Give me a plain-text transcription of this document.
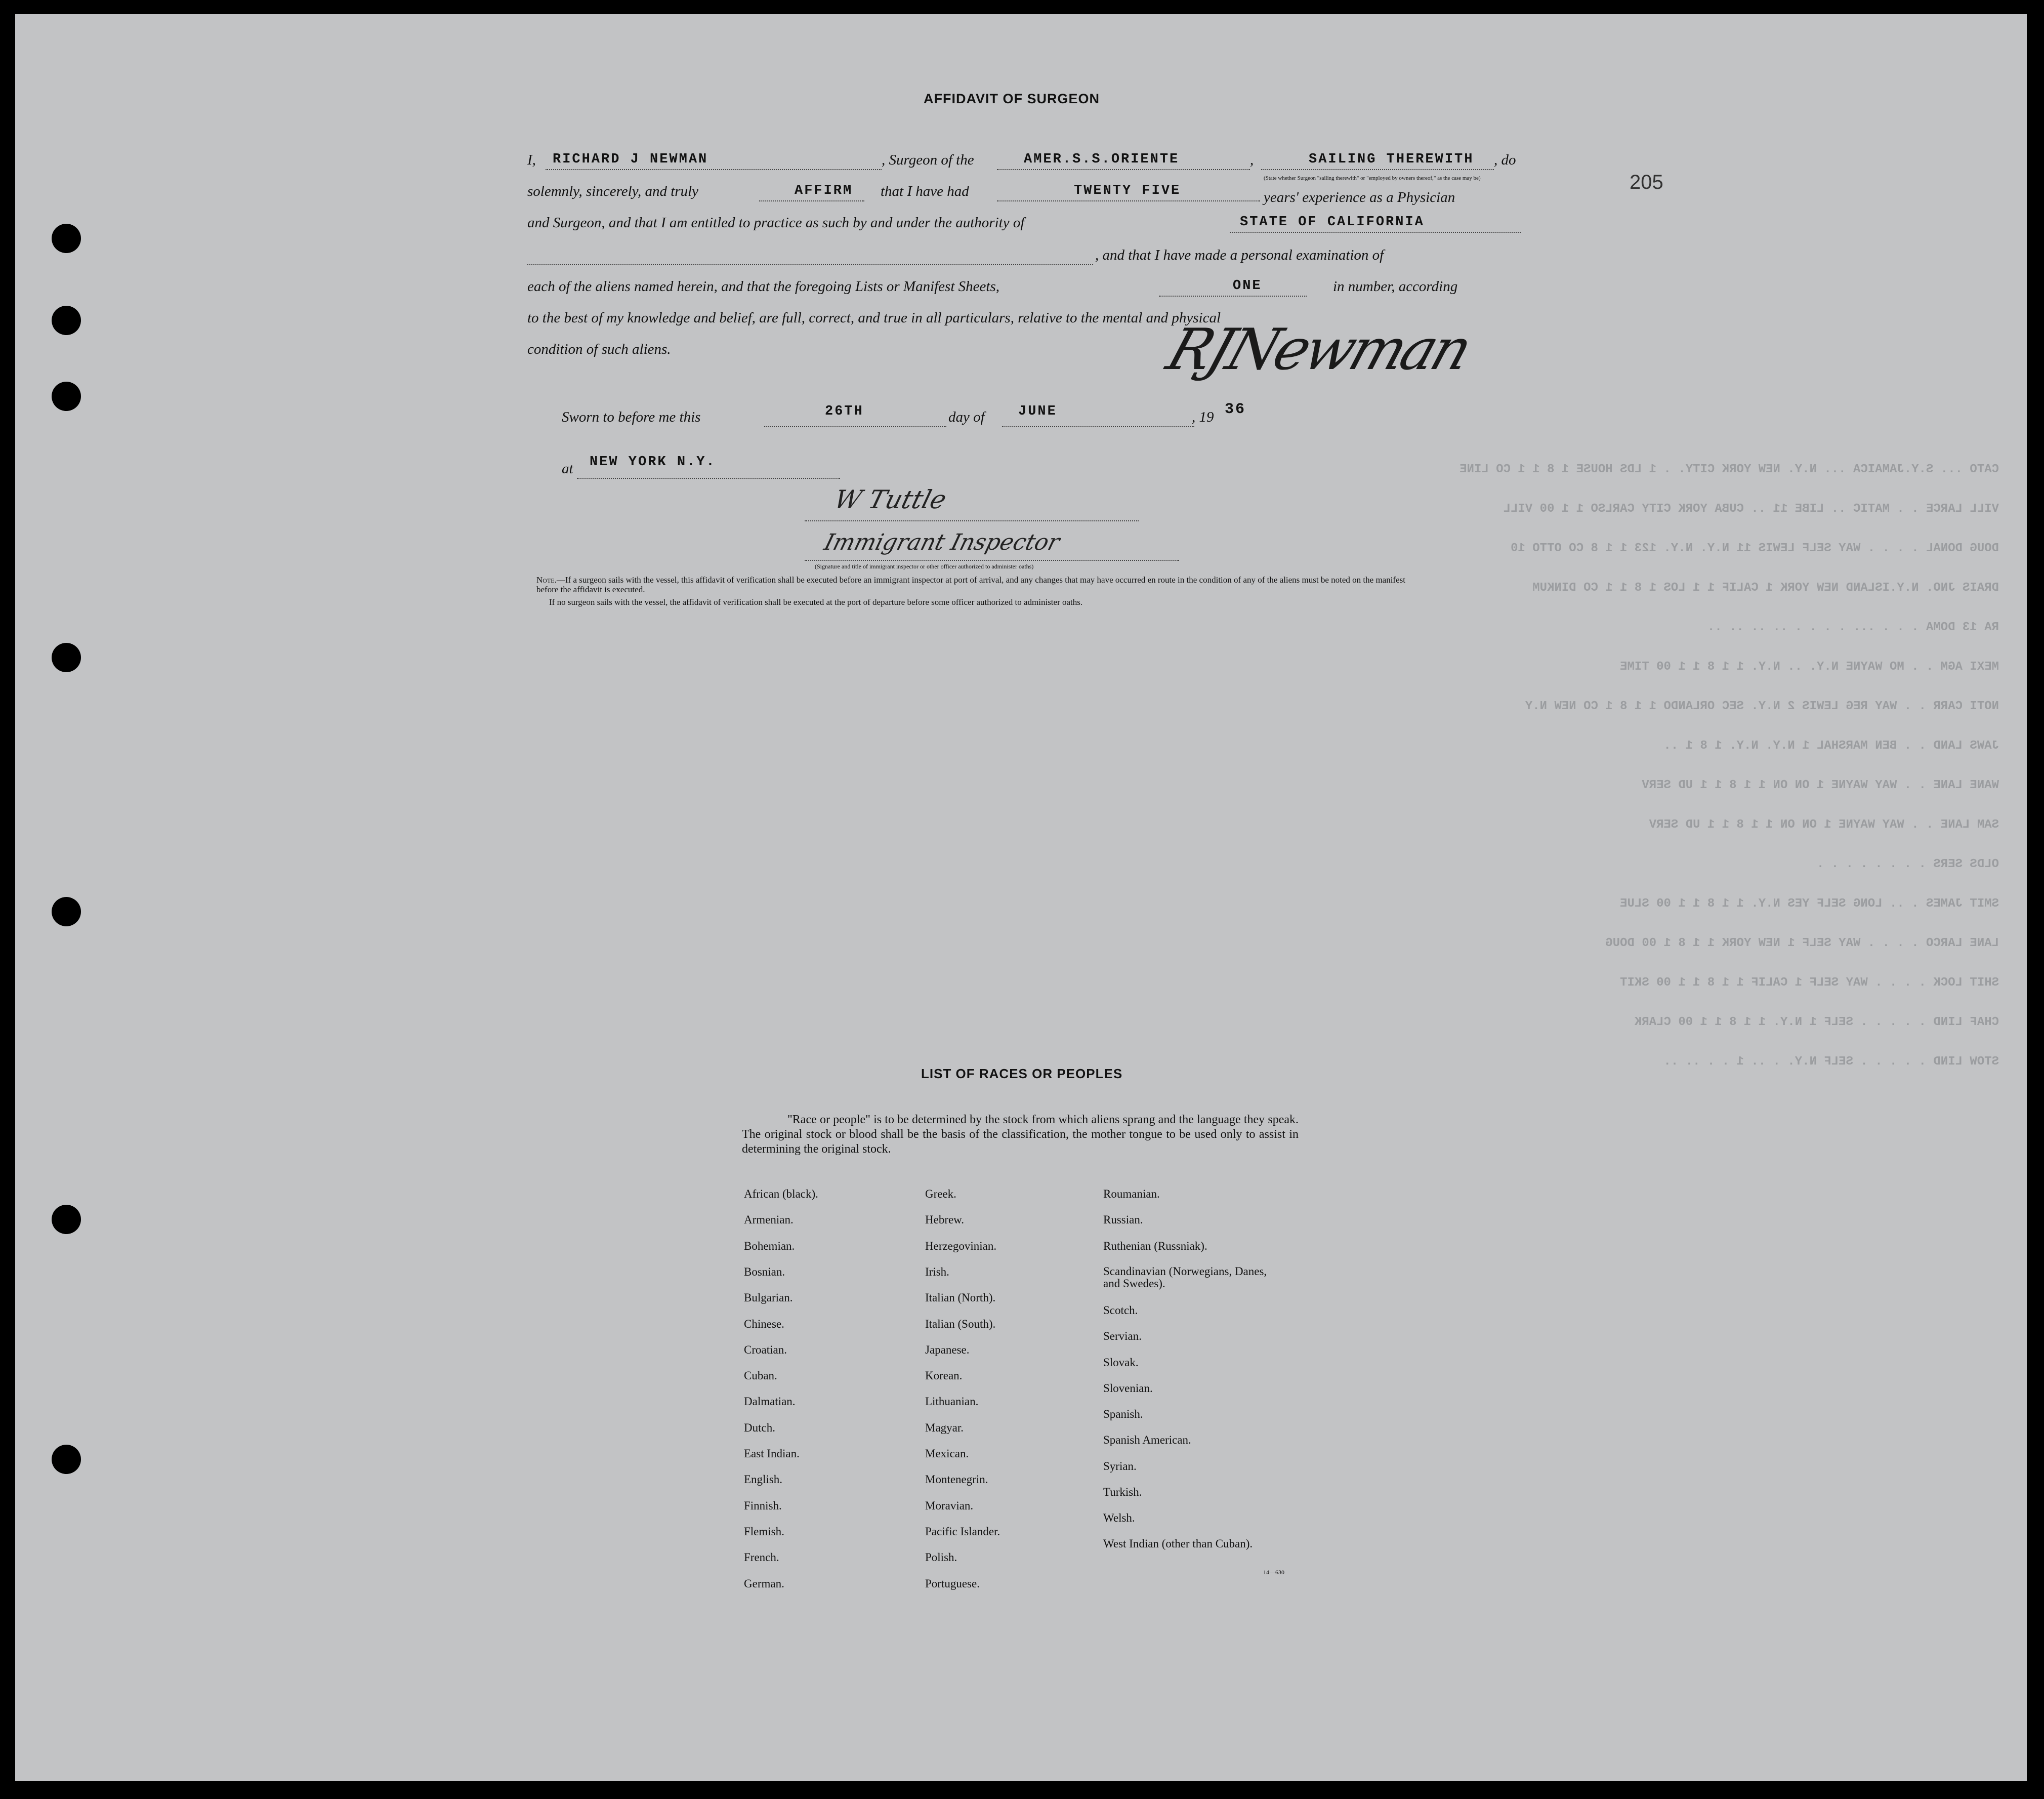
CATO ... S.Y.JAMAICA ... N.Y. NEW YORK CITY. . 1 LDS HOUSE 1 8 1 1 CO LINE
VILL LARCE . . MATIC .. LIBE 11 .. CUBA YORK CITY CARLSO 1 1 00 VILL
DOUG DONAL . . . . WAY SELF LEWIS 11 N.Y. N.Y. 123 1 1 8 CO OTTO 10
DRAIS JNO. N.Y.ISLAND NEW YORK 1 CALIF 1 1 LOS 1 8 1 1 CO DINKUM
RA 13 DOMA . . . ... . . . . .. .. .. ..
MEXI AGM . . MO WAYNE N.Y. .. N.Y. 1 1 8 1 1 00 TIME
NOTI CARR . . WAY REG LEWIS 2 N.Y. SEC ORLANDO 1 1 8 1 CO NEW N.Y
JAWS LAND . . BEN MARSHAL 1 N.Y. N.Y. 1 8 1 ..
WANE LANE . . WAY WAYNE 1 ON ON 1 1 8 1 1 UD SERV
SAM LANE . . WAY WAYNE 1 ON ON 1 1 8 1 1 UD SERV
OLDS SERS . . . . . . . .
SMIT JAMES . .. LONG SELF YES N.Y. 1 1 8 1 1 00 SLUE
LANE LARCO . . . . WAY SELF 1 NEW YORK 1 1 8 1 00 DOUG
SHIT LOCK . . . . WAY SELF 1 CALIF 1 1 8 1 1 00 SKIT
CHAF LIND . . . . . SELF 1 N.Y. 1 1 8 1 1 00 CLARK
STOW LIND . . . . . SELF N.Y. . .. 1 . . .. ..
AFFIDAVIT OF SURGEON
205
I, RICHARD J NEWMAN	, Surgeon of the	AMER.S.S.ORIENTE	,	SAILING THEREWITH , do
solemnly, sincerely, and truly	AFFIRM that I have had	TWENTY FIVE
(State whether Surgeon "sailing therewith" or "employed by owners thereof," as the case may be)
years' experience as a Physician
and Surgeon, and that I am entitled to practice as such by and under the authority of	STATE OF CALIFORNIA
, and that I have made a personal examination of
each of the aliens named herein, and that the foregoing Lists or Manifest Sheets,	ONE	in number, according
to the best of my knowledge and belief, are full, correct, and true in all particulars, relative to the mental and physical
condition of such aliens.	RJNewman
Sworn to before me this	26TH	day of JUNE	, 19 36
at NEW YORK N.Y.
W Tuttle
Immigrant Inspector
(Signature and title of immigrant inspector or other officer authorized to administer oaths)
Note.—If a surgeon sails with the vessel, this affidavit of verification shall be executed before an immigrant inspector at port of arrival, and any changes that may have occurred en route in the condition of any of the aliens must be noted on the manifest before the affidavit is executed.
If no surgeon sails with the vessel, the affidavit of verification shall be executed at the port of departure before some officer authorized to administer oaths.
LIST OF RACES OR PEOPLES
"Race or people" is to be determined by the stock from which aliens sprang and the language they speak. The original stock or blood shall be the basis of the classification, the mother tongue to be used only to assist in determining the original stock.
African (black).
Armenian.
Bohemian.
Bosnian.
Bulgarian.
Chinese.
Croatian.
Cuban.
Dalmatian.
Dutch.
East Indian.
English.
Finnish.
Flemish.
French.
German.
Greek.
Hebrew.
Herzegovinian.
Irish.
Italian (North).
Italian (South).
Japanese.
Korean.
Lithuanian.
Magyar.
Mexican.
Montenegrin.
Moravian.
Pacific Islander.
Polish.
Portuguese.
Roumanian.
Russian.
Ruthenian (Russniak).
Scandinavian (Norwegians, Danes, and Swedes).
Scotch.
Servian.
Slovak.
Slovenian.
Spanish.
Spanish American.
Syrian.
Turkish.
Welsh.
West Indian (other than Cuban).
14—630
